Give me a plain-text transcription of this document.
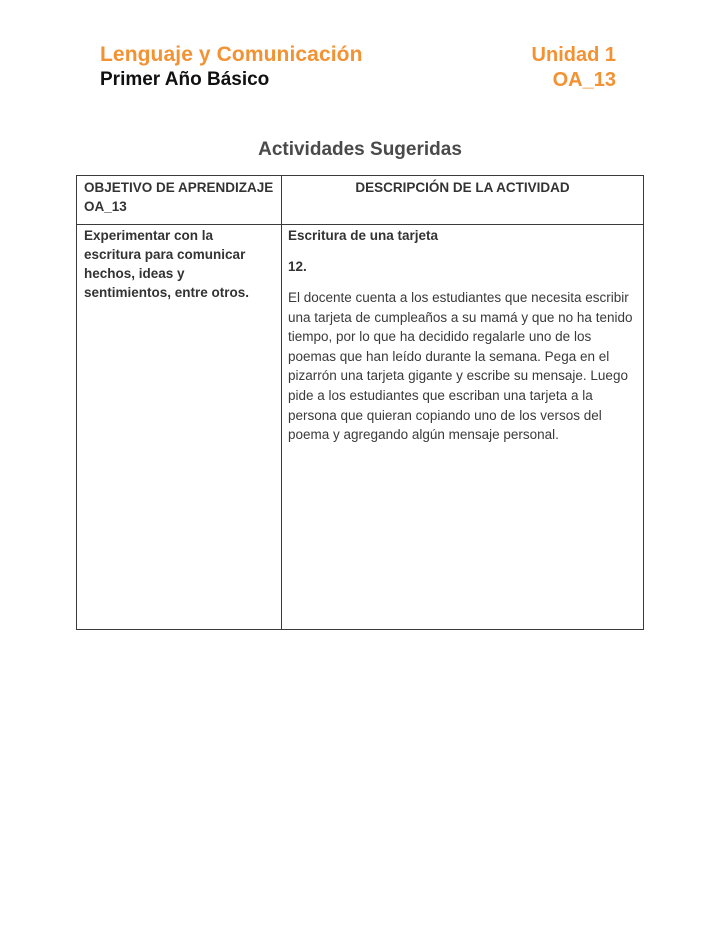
Lenguaje y Comunicación
Primer Año Básico
Unidad 1
OA_13
Actividades Sugeridas
OBJETIVO DE APRENDIZAJE OA_13	DESCRIPCIÓN DE LA ACTIVIDAD
Experimentar con la escritura para comunicar hechos, ideas y sentimientos, entre otros.	Escritura de una tarjeta
12.
El docente cuenta a los estudiantes que necesita escribir una tarjeta de cumpleaños a su mamá y que no ha tenido tiempo, por lo que ha decidido regalarle uno de los poemas que han leído durante la semana. Pega en el pizarrón una tarjeta gigante y escribe su mensaje. Luego pide a los estudiantes que escriban una tarjeta a la persona que quieran copiando uno de los versos del poema y agregando algún mensaje personal.
